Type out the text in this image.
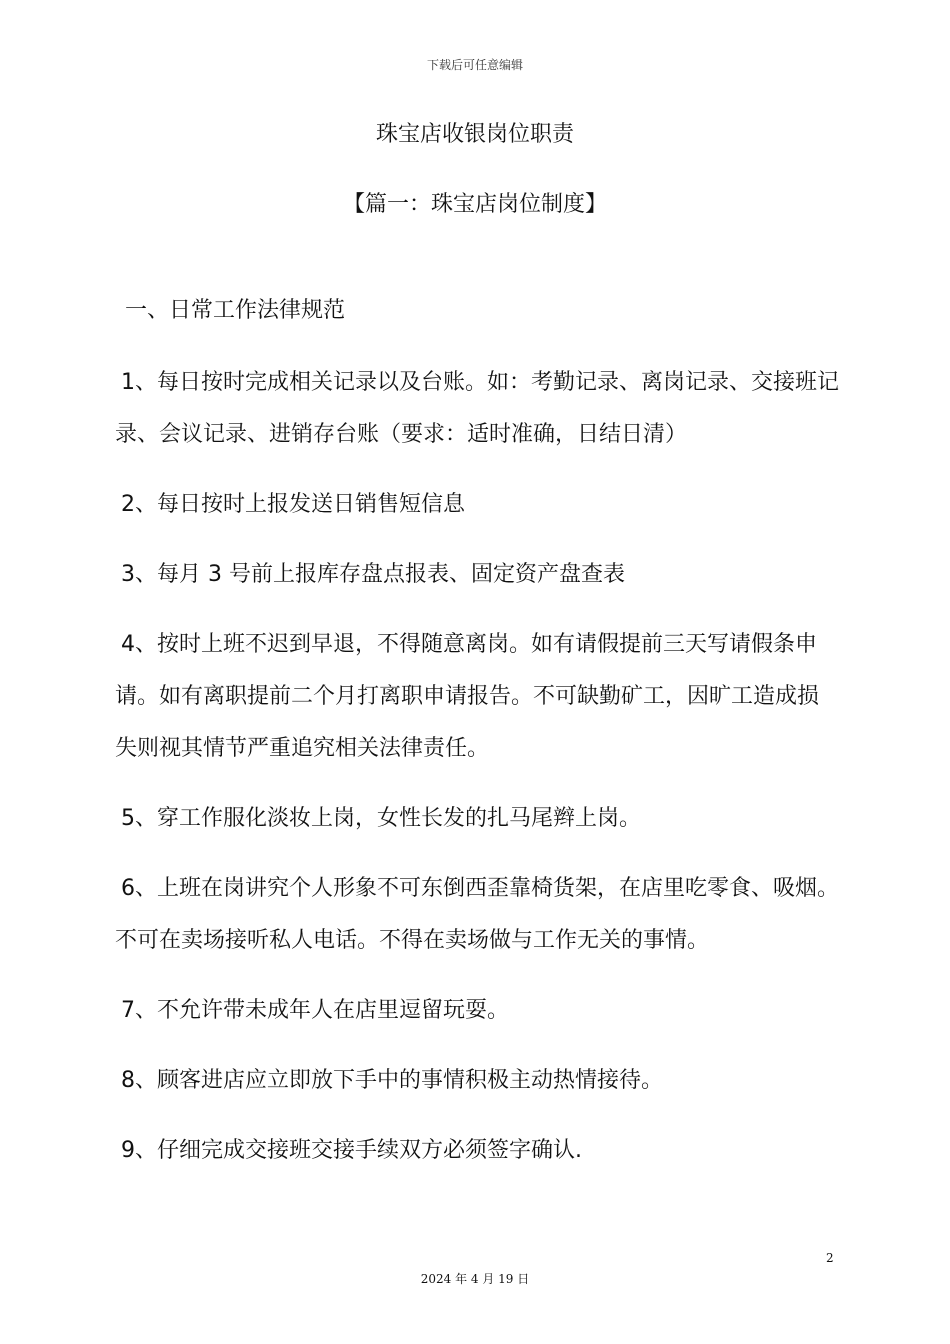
下载后可任意编辑
珠宝店收银岗位职责
【篇一：珠宝店岗位制度】
一、日常工作法律规范

1、每日按时完成相关记录以及台账。如：考勤记录、离岗记录、交接班记录、会议记录、进销存台账（要求：适时准确，日结日清）

2、每日按时上报发送日销售短信息

3、每月 3 号前上报库存盘点报表、固定资产盘查表

4、按时上班不迟到早退，不得随意离岗。如有请假提前三天写请假条申请。如有离职提前二个月打离职申请报告。不可缺勤矿工，因旷工造成损失则视其情节严重追究相关法律责任。

5、穿工作服化淡妆上岗，女性长发的扎马尾辫上岗。

6、上班在岗讲究个人形象不可东倒西歪靠椅货架，在店里吃零食、吸烟。不可在卖场接听私人电话。不得在卖场做与工作无关的事情。

7、不允许带未成年人在店里逗留玩耍。

8、顾客进店应立即放下手中的事情积极主动热情接待。

9、仔细完成交接班交接手续双方必须签字确认.

2
2024 年 4 月 19 日
